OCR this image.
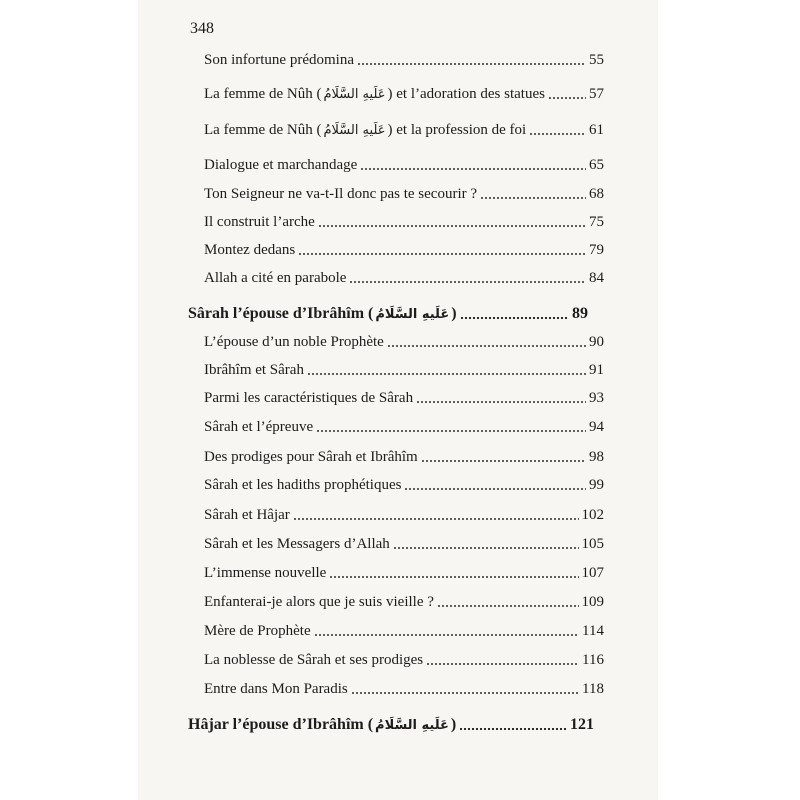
348
Son infortune prédomina	55
La femme de Nûh ( عَلَيهِ السَّلَامُ ) et l’adoration des statues	57
La femme de Nûh ( عَلَيهِ السَّلَامُ ) et la profession de foi	61
Dialogue et marchandage	65
Ton Seigneur ne va-t-Il donc pas te secourir ?	68
Il construit l’arche	75
Montez dedans	79
Allah a cité en parabole	84
Sârah l’épouse d’Ibrâhîm ( عَلَيهِ السَّلَامُ )	89
L’épouse d’un noble Prophète	90
Ibrâhîm et Sârah	91
Parmi les caractéristiques de Sârah	93
Sârah et l’épreuve	94
Des prodiges pour Sârah et Ibrâhîm	98
Sârah et les hadiths prophétiques	99
Sârah et Hâjar	102
Sârah et les Messagers d’Allah	105
L’immense nouvelle	107
Enfanterai-je alors que je suis vieille ?	109
Mère de Prophète	114
La noblesse de Sârah et ses prodiges	116
Entre dans Mon Paradis	118
Hâjar l’épouse d’Ibrâhîm ( عَلَيهِ السَّلَامُ )	121
